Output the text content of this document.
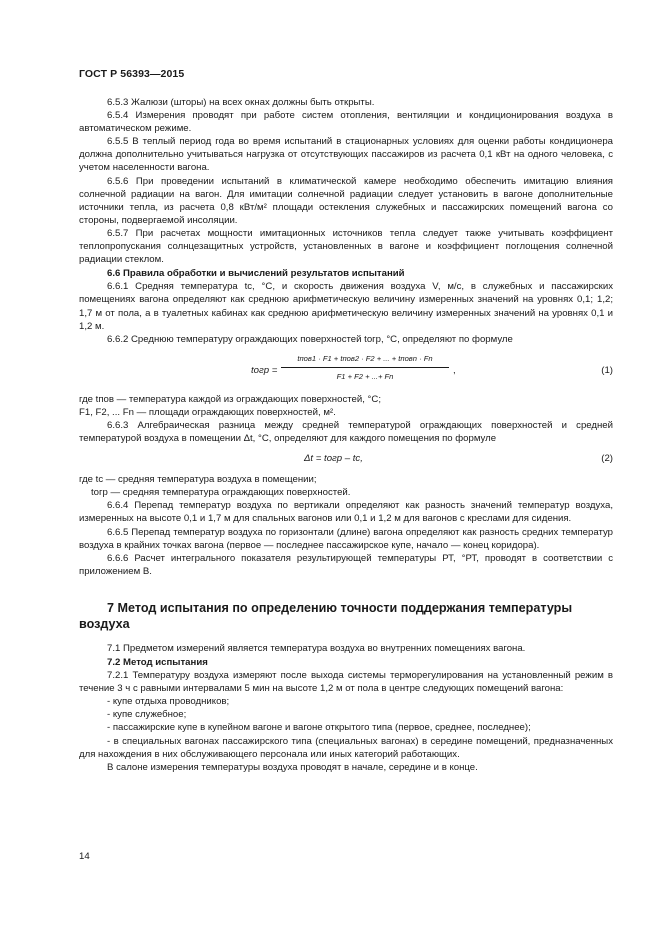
ГОСТ Р 56393—2015

6.5.3 Жалюзи (шторы) на всех окнах должны быть открыты.

6.5.4 Измерения проводят при работе систем отопления, вентиляции и кондиционирования воздуха в автоматическом режиме.

6.5.5 В теплый период года во время испытаний в стационарных условиях для оценки работы кондиционера должна дополнительно учитываться нагрузка от отсутствующих пассажиров из расчета 0,1 кВт на одного человека, с учетом населенности вагона.

6.5.6 При проведении испытаний в климатической камере необходимо обеспечить имитацию влияния солнечной радиации на вагон. Для имитации солнечной радиации следует установить в вагоне дополнительные источники тепла, из расчета 0,8 кВт/м² площади остекления служебных и пассажирских помещений вагона со стороны, подвергаемой инсоляции.

6.5.7 При расчетах мощности имитационных источников тепла следует также учитывать коэффициент теплопропускания солнцезащитных устройств, установленных в вагоне и коэффициент поглощения солнечной радиации стеклом.

6.6 Правила обработки и вычислений результатов испытаний

6.6.1 Средняя температура tс, °С, и скорость движения воздуха V, м/с, в служебных и пассажирских помещениях вагона определяют как среднюю арифметическую величину измеренных значений на уровнях 0,1; 1,2; 1,7 м от пола, а в туалетных кабинах как среднюю арифметическую величину измеренных значений на уровнях 0,1 и 1,2 м.

6.6.2 Среднюю температуру ограждающих поверхностей tогр, °С, определяют по формуле

tогр =
tпов1 · F1 + tпов2 · F2 + ... + tповn · Fn
F1 + F2 + ...+ Fn
,	(1)

где tпов — температура каждой из ограждающих поверхностей, °С;

F1, F2, ... Fn — площади ограждающих поверхностей, м².

6.6.3 Алгебраическая разница между средней температурой ограждающих поверхностей и средней температурой воздуха в помещении Δt, °С, определяют для каждого помещения по формуле

Δt = tогр – tс,	(2)

где tс — средняя температура воздуха в помещении;

tогр — средняя температура ограждающих поверхностей.

6.6.4 Перепад температур воздуха по вертикали определяют как разность значений температур воздуха, измеренных на высоте 0,1 и 1,7 м для спальных вагонов или 0,1 и 1,2 м для вагонов с креслами для сидения.

6.6.5 Перепад температур воздуха по горизонтали (длине) вагона определяют как разность средних температур воздуха в крайних точках вагона (первое — последнее пассажирское купе, начало — конец коридора).

6.6.6 Расчет интегрального показателя результирующей температуры РТ, °РТ, проводят в соответствии с приложением В.

7 Метод испытания по определению точности поддержания температуры воздуха

7.1 Предметом измерений является температура воздуха во внутренних помещениях вагона.

7.2 Метод испытания

7.2.1 Температуру воздуха измеряют после выхода системы терморегулирования на установленный режим в течение 3 ч с равными интервалами 5 мин на высоте 1,2 м от пола в центре следующих помещений вагона:

- купе отдыха проводников;

- купе служебное;

- пассажирские купе в купейном вагоне и вагоне открытого типа (первое, среднее, последнее);

- в специальных вагонах пассажирского типа (специальных вагонах) в середине помещений, предназначенных для нахождения в них обслуживающего персонала или иных категорий работающих.

В салоне измерения температуры воздуха проводят в начале, середине и в конце.

14
